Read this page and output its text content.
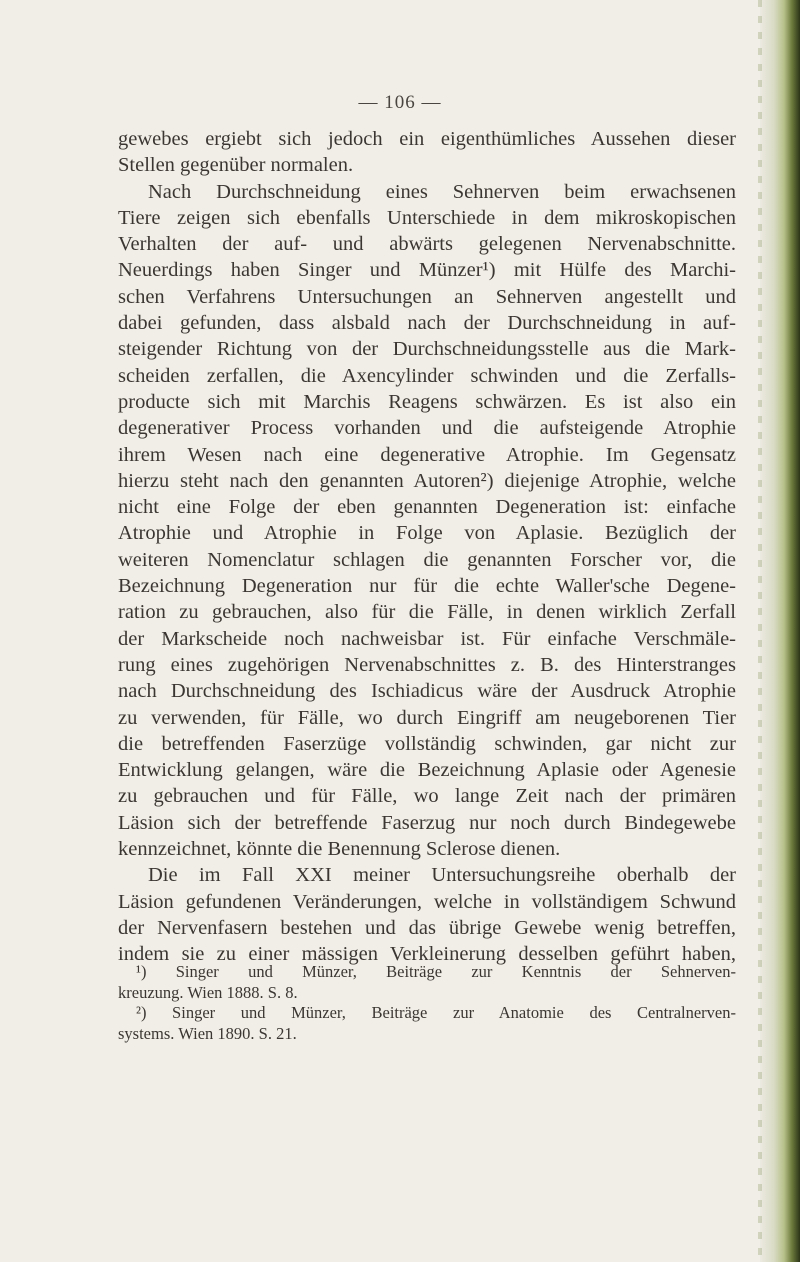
— 106 —
gewebes ergiebt sich jedoch ein eigenthümliches Aussehen dieser
Stellen gegenüber normalen.
Nach Durchschneidung eines Sehnerven beim erwachsenen
Tiere zeigen sich ebenfalls Unterschiede in dem mikroskopischen
Verhalten der auf- und abwärts gelegenen Nervenabschnitte.
Neuerdings haben Singer und Münzer¹) mit Hülfe des Marchi-
schen Verfahrens Untersuchungen an Sehnerven angestellt und
dabei gefunden, dass alsbald nach der Durchschneidung in auf-
steigender Richtung von der Durchschneidungsstelle aus die Mark-
scheiden zerfallen, die Axencylinder schwinden und die Zerfalls-
producte sich mit Marchis Reagens schwärzen. Es ist also ein
degenerativer Process vorhanden und die aufsteigende Atrophie
ihrem Wesen nach eine degenerative Atrophie. Im Gegensatz
hierzu steht nach den genannten Autoren²) diejenige Atrophie, welche
nicht eine Folge der eben genannten Degeneration ist: einfache
Atrophie und Atrophie in Folge von Aplasie. Bezüglich der
weiteren Nomenclatur schlagen die genannten Forscher vor, die
Bezeichnung Degeneration nur für die echte Waller'sche Degene-
ration zu gebrauchen, also für die Fälle, in denen wirklich Zerfall
der Markscheide noch nachweisbar ist. Für einfache Verschmäle-
rung eines zugehörigen Nervenabschnittes z. B. des Hinterstranges
nach Durchschneidung des Ischiadicus wäre der Ausdruck Atrophie
zu verwenden, für Fälle, wo durch Eingriff am neugeborenen Tier
die betreffenden Faserzüge vollständig schwinden, gar nicht zur
Entwicklung gelangen, wäre die Bezeichnung Aplasie oder Agenesie
zu gebrauchen und für Fälle, wo lange Zeit nach der primären
Läsion sich der betreffende Faserzug nur noch durch Bindegewebe
kennzeichnet, könnte die Benennung Sclerose dienen.
Die im Fall XXI meiner Untersuchungsreihe oberhalb der
Läsion gefundenen Veränderungen, welche in vollständigem Schwund
der Nervenfasern bestehen und das übrige Gewebe wenig betreffen,
indem sie zu einer mässigen Verkleinerung desselben geführt haben,
¹) Singer und Münzer, Beiträge zur Kenntnis der Sehnerven-
kreuzung. Wien 1888. S. 8.
²) Singer und Münzer, Beiträge zur Anatomie des Centralnerven-
systems. Wien 1890. S. 21.
